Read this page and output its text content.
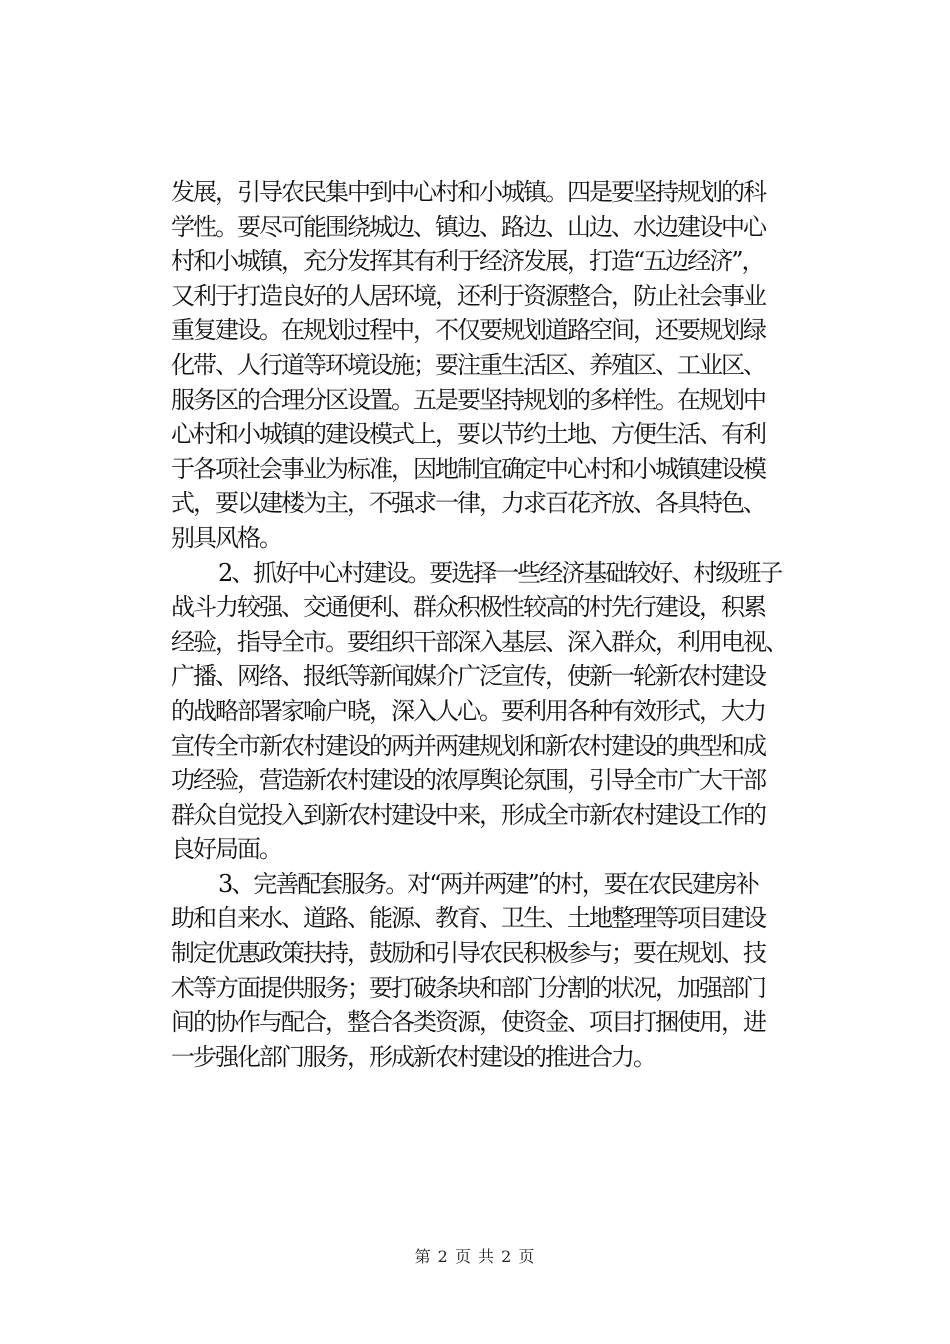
发展，引导农民集中到中心村和小城镇。四是要坚持规划的科
学性。要尽可能围绕城边、镇边、路边、山边、水边建设中心
村和小城镇，充分发挥其有利于经济发展，打造“五边经济”，
又利于打造良好的人居环境，还利于资源整合，防止社会事业
重复建设。在规划过程中，不仅要规划道路空间，还要规划绿
化带、人行道等环境设施；要注重生活区、养殖区、工业区、
服务区的合理分区设置。五是要坚持规划的多样性。在规划中
心村和小城镇的建设模式上，要以节约土地、方便生活、有利
于各项社会事业为标准，因地制宜确定中心村和小城镇建设模
式，要以建楼为主，不强求一律，力求百花齐放、各具特色、
别具风格。
2、抓好中心村建设。要选择一些经济基础较好、村级班子
战斗力较强、交通便利、群众积极性较高的村先行建设，积累
经验，指导全市。要组织干部深入基层、深入群众，利用电视、
广播、网络、报纸等新闻媒介广泛宣传，使新一轮新农村建设
的战略部署家喻户晓，深入人心。要利用各种有效形式，大力
宣传全市新农村建设的两并两建规划和新农村建设的典型和成
功经验，营造新农村建设的浓厚舆论氛围，引导全市广大干部
群众自觉投入到新农村建设中来，形成全市新农村建设工作的
良好局面。
3、完善配套服务。对“两并两建”的村，要在农民建房补
助和自来水、道路、能源、教育、卫生、土地整理等项目建设
制定优惠政策扶持，鼓励和引导农民积极参与；要在规划、技
术等方面提供服务；要打破条块和部门分割的状况，加强部门
间的协作与配合，整合各类资源，使资金、项目打捆使用，进
一步强化部门服务，形成新农村建设的推进合力。
第 2 页 共 2 页
